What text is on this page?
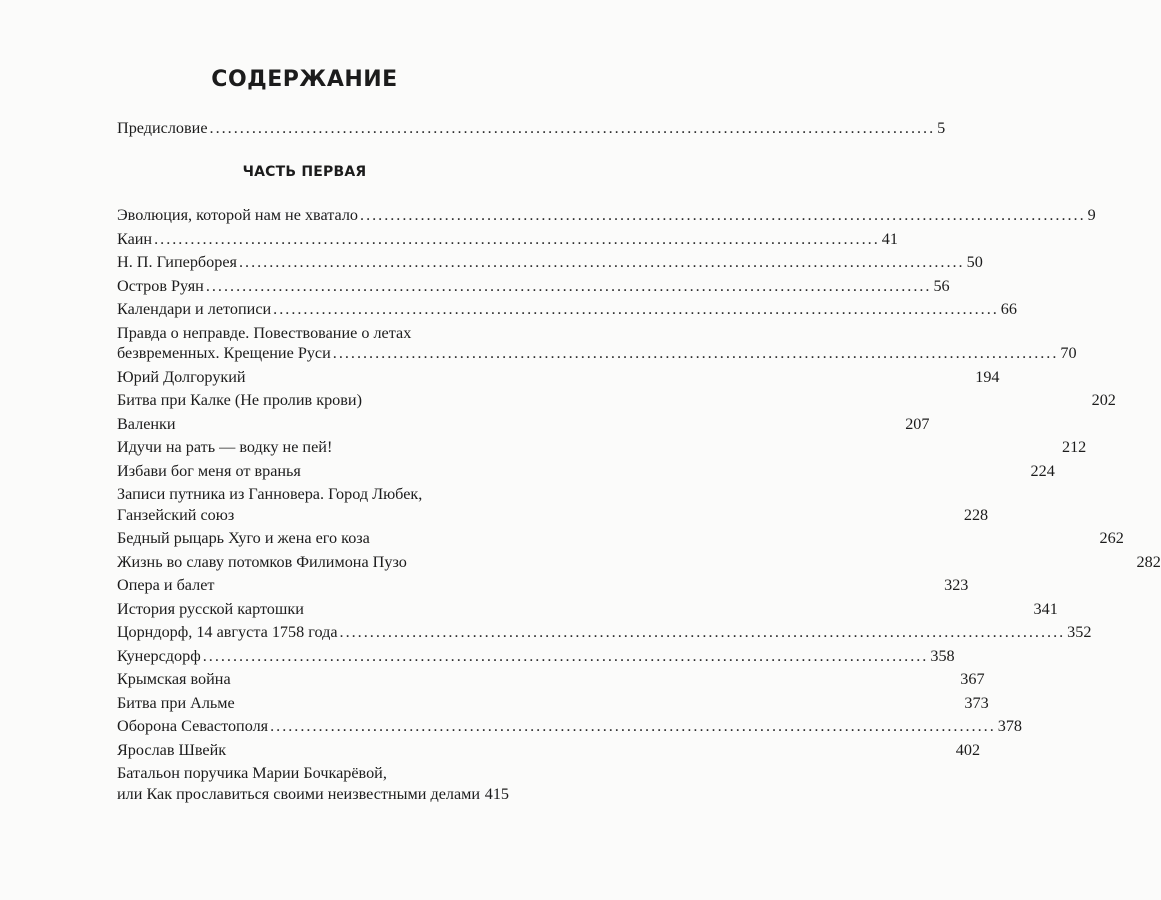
СОДЕРЖАНИЕ
Предисловие ........................................................................................................................ 5
ЧАСТЬ ПЕРВАЯ
Эволюция, которой нам не хватало ........................................................................................................................ 9
Каин ........................................................................................................................ 41
Н. П. Гиперборея ........................................................................................................................ 50
Остров Руян ........................................................................................................................ 56
Календари и летописи ........................................................................................................................ 66
Правда о неправде. Повествование о летах
безвременных. Крещение Руси ........................................................................................................................ 70
Юрий Долгорукий	194
Битва при Калке (Не пролив крови)	202
Валенки	207
Идучи на рать — водку не пей!	212
Избави бог меня от вранья	224
Записи путника из Ганновера. Город Любек,
Ганзейский союз	228
Бедный рыцарь Хуго и жена его коза	262
Жизнь во славу потомков Филимона Пузо	282
Опера и балет	323
История русской картошки	341
Цорндорф, 14 августа 1758 года ........................................................................................................................ 352
Кунерсдорф ........................................................................................................................ 358
Крымская война	367
Битва при Альме	373
Оборона Севастополя ........................................................................................................................ 378
Ярослав Швейк	402
Батальон поручика Марии Бочкарёвой,
или Как прославиться своими неизвестными делами 415
